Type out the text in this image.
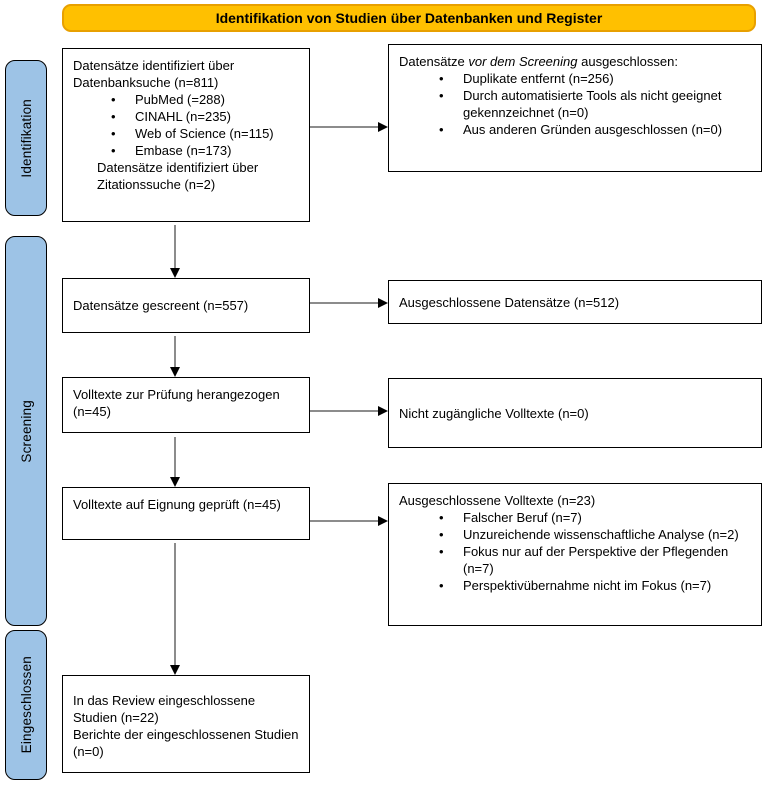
Identifikation von Studien über Datenbanken und Register
Identifikation
Screening
Eingeschlossen
Datensätze identifiziert über Datenbanksuche (n=811)
•	PubMed (=288)
•	CINAHL (n=235)
•	Web of Science (n=115)
•	Embase (n=173)
Datensätze identifiziert über Zitationssuche (n=2)
Datensätze vor dem Screening ausgeschlossen:
•	Duplikate entfernt (n=256)
•	Durch automatisierte Tools als nicht geeignet gekennzeichnet (n=0)
•	Aus anderen Gründen ausgeschlossen (n=0)
Datensätze gescreent (n=557)	Ausgeschlossene Datensätze (n=512)
Volltexte zur Prüfung herangezogen (n=45)	Nicht zugängliche Volltexte (n=0)
Volltexte auf Eignung geprüft (n=45)	Ausgeschlossene Volltexte (n=23)
•	Falscher Beruf (n=7)
•	Unzureichende wissenschaftliche Analyse (n=2)
•	Fokus nur auf der Perspektive der Pflegenden (n=7)
•	Perspektivübernahme nicht im Fokus (n=7)
In das Review eingeschlossene Studien (n=22)
Berichte der eingeschlossenen Studien (n=0)
